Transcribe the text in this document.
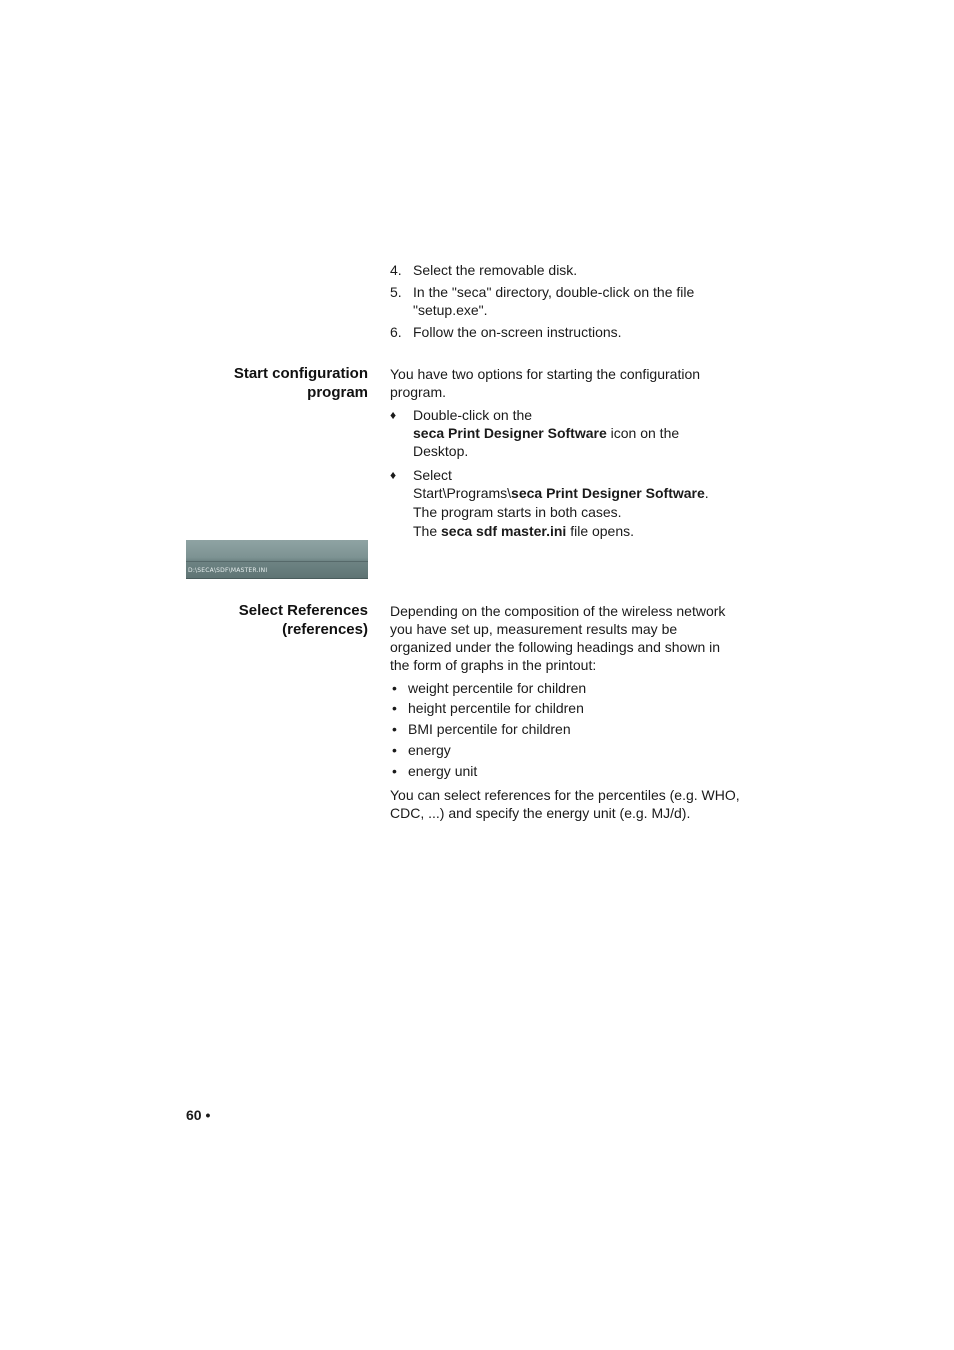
4. Select the removable disk.
5. In the "seca" directory, double-click on the file "setup.exe".
6. Follow the on-screen instructions.
Start configuration
program
You have two options for starting the configuration program.
♦ Double-click on the
seca Print Designer Software icon on the Desktop.
♦ Select
Start\Programs\seca Print Designer Software.
The program starts in both cases.
The seca sdf master.ini file opens.
D:\SECA\SDF\MASTER.INI
Select References
(references)
Depending on the composition of the wireless network you have set up, measurement results may be organized under the following headings and shown in the form of graphs in the printout:
• weight percentile for children
• height percentile for children
• BMI percentile for children
• energy
• energy unit
You can select references for the percentiles (e.g. WHO, CDC, ...) and specify the energy unit (e.g. MJ/d).
60 •
